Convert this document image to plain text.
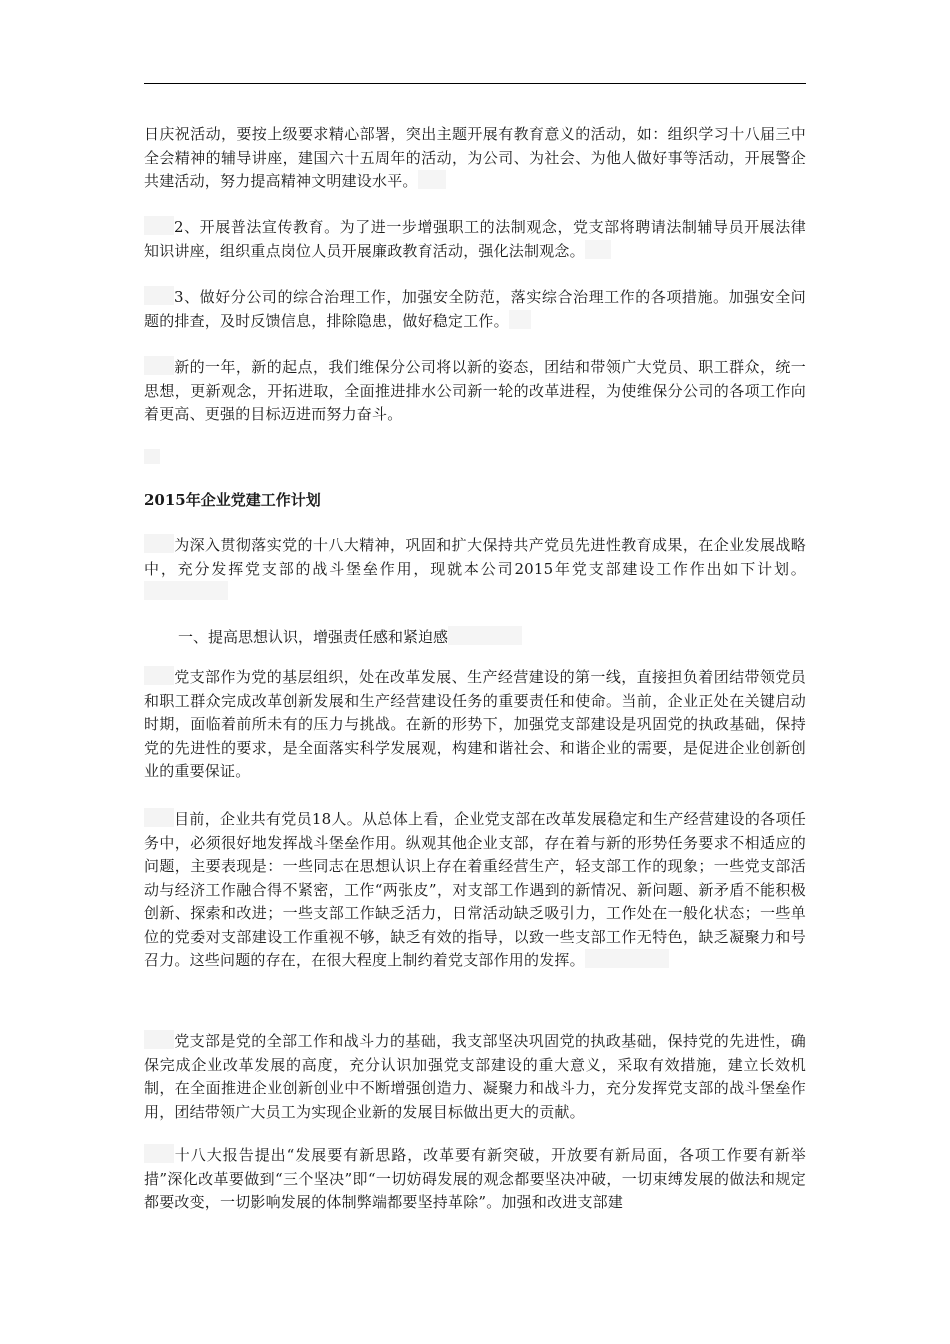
日庆祝活动，要按上级要求精心部署，突出主题开展有教育意义的活动，如：组织学习十八届三中全会精神的辅导讲座，建国六十五周年的活动，为公司、为社会、为他人做好事等活动，开展警企共建活动，努力提高精神文明建设水平。

2、开展普法宣传教育。为了进一步增强职工的法制观念，党支部将聘请法制辅导员开展法律知识讲座，组织重点岗位人员开展廉政教育活动，强化法制观念。

3、做好分公司的综合治理工作，加强安全防范，落实综合治理工作的各项措施。加强安全问题的排查，及时反馈信息，排除隐患，做好稳定工作。

新的一年，新的起点，我们维保分公司将以新的姿态，团结和带领广大党员、职工群众，统一思想，更新观念，开拓进取，全面推进排水公司新一轮的改革进程，为使维保分公司的各项工作向着更高、更强的目标迈进而努力奋斗。

2015年企业党建工作计划

为深入贯彻落实党的十八大精神，巩固和扩大保持共产党员先进性教育成果，在企业发展战略中，充分发挥党支部的战斗堡垒作用，现就本公司2015年党支部建设工作作出如下计划。

一、提高思想认识，增强责任感和紧迫感

党支部作为党的基层组织，处在改革发展、生产经营建设的第一线，直接担负着团结带领党员和职工群众完成改革创新发展和生产经营建设任务的重要责任和使命。当前，企业正处在关键启动时期，面临着前所未有的压力与挑战。在新的形势下，加强党支部建设是巩固党的执政基础，保持党的先进性的要求，是全面落实科学发展观，构建和谐社会、和谐企业的需要，是促进企业创新创业的重要保证。

目前，企业共有党员18人。从总体上看，企业党支部在改革发展稳定和生产经营建设的各项任务中，必须很好地发挥战斗堡垒作用。纵观其他企业支部，存在着与新的形势任务要求不相适应的问题，主要表现是：一些同志在思想认识上存在着重经营生产，轻支部工作的现象；一些党支部活动与经济工作融合得不紧密，工作“两张皮”，对支部工作遇到的新情况、新问题、新矛盾不能积极创新、探索和改进；一些支部工作缺乏活力，日常活动缺乏吸引力，工作处在一般化状态；一些单位的党委对支部建设工作重视不够，缺乏有效的指导，以致一些支部工作无特色，缺乏凝聚力和号召力。这些问题的存在，在很大程度上制约着党支部作用的发挥。

党支部是党的全部工作和战斗力的基础，我支部坚决巩固党的执政基础，保持党的先进性，确保完成企业改革发展的高度，充分认识加强党支部建设的重大意义，采取有效措施，建立长效机制，在全面推进企业创新创业中不断增强创造力、凝聚力和战斗力，充分发挥党支部的战斗堡垒作用，团结带领广大员工为实现企业新的发展目标做出更大的贡献。

十八大报告提出“发展要有新思路，改革要有新突破，开放要有新局面，各项工作要有新举措”深化改革要做到“三个坚决”即“一切妨碍发展的观念都要坚决冲破，一切束缚发展的做法和规定都要改变，一切影响发展的体制弊端都要坚持革除”。加强和改进支部建
